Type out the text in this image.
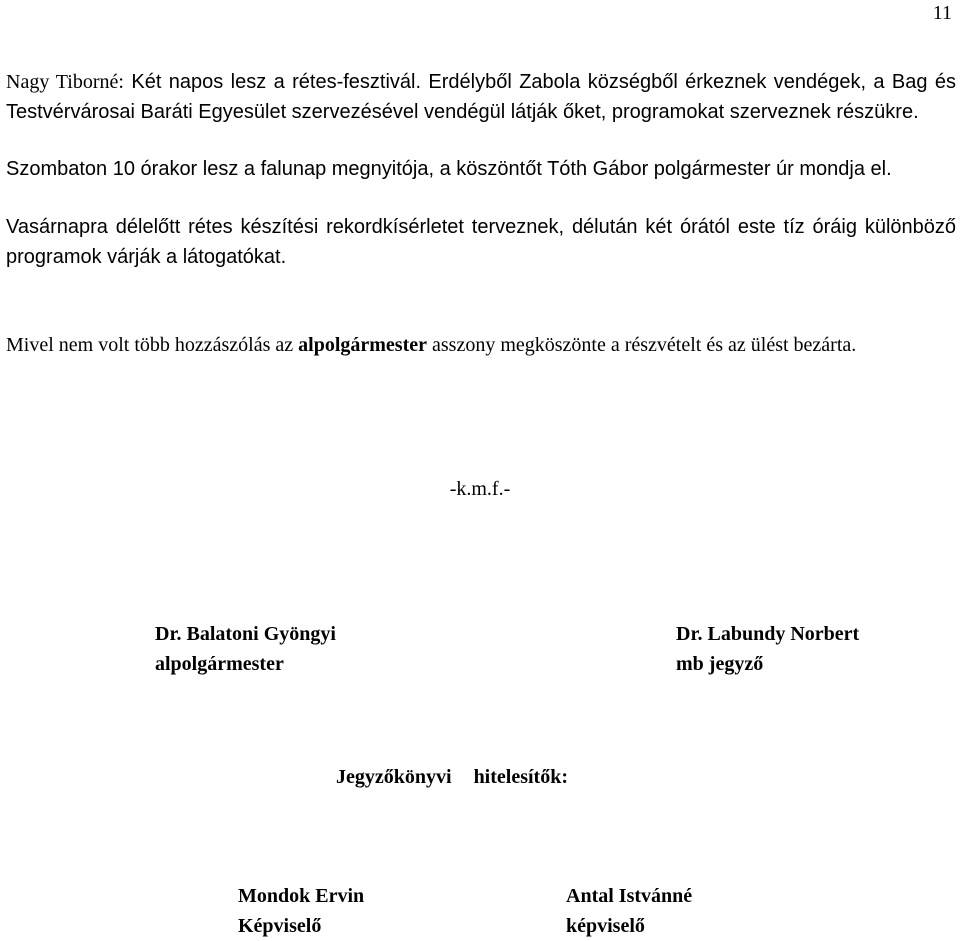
11

Nagy Tiborné: Két napos lesz a rétes-fesztivál. Erdélyből Zabola községből érkeznek vendégek, a Bag és Testvérvárosai Baráti Egyesület szervezésével vendégül látják őket, programokat szerveznek részükre.

Szombaton 10 órakor lesz a falunap megnyitója, a köszöntőt Tóth Gábor polgármester úr mondja el.

Vasárnapra délelőtt rétes készítési rekordkísérletet terveznek, délután két órától este tíz óráig különböző programok várják a látogatókat.

Mivel nem volt több hozzászólás az alpolgármester asszony megköszönte a részvételt és az ülést bezárta.

-k.m.f.-
Dr. Balatoni Gyöngyi
alpolgármester
Dr. Labundy Norbert
mb jegyző
Jegyzőkönyvi hitelesítők:
Mondok Ervin
Képviselő
Antal Istvánné
képviselő
